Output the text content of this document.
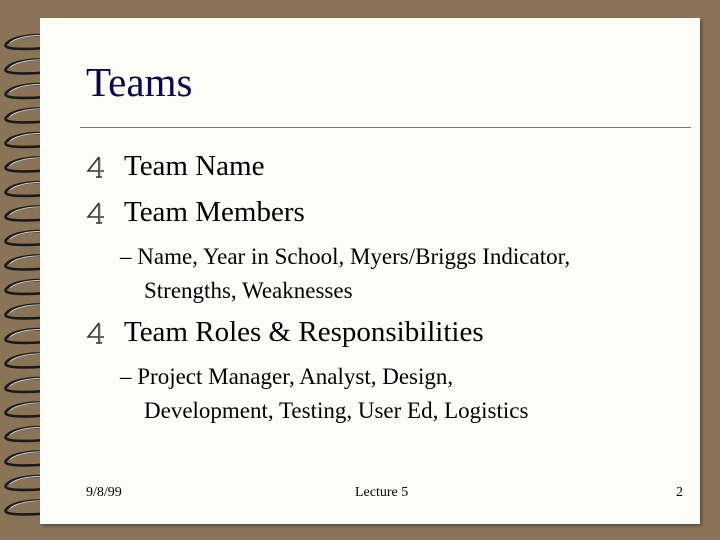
Teams
Team Name
Team Members
– Name, Year in School, Myers/Briggs Indicator,
Strengths, Weaknesses
Team Roles & Responsibilities
– Project Manager, Analyst, Design,
Development, Testing, User Ed, Logistics
9/8/99	Lecture 5	2
